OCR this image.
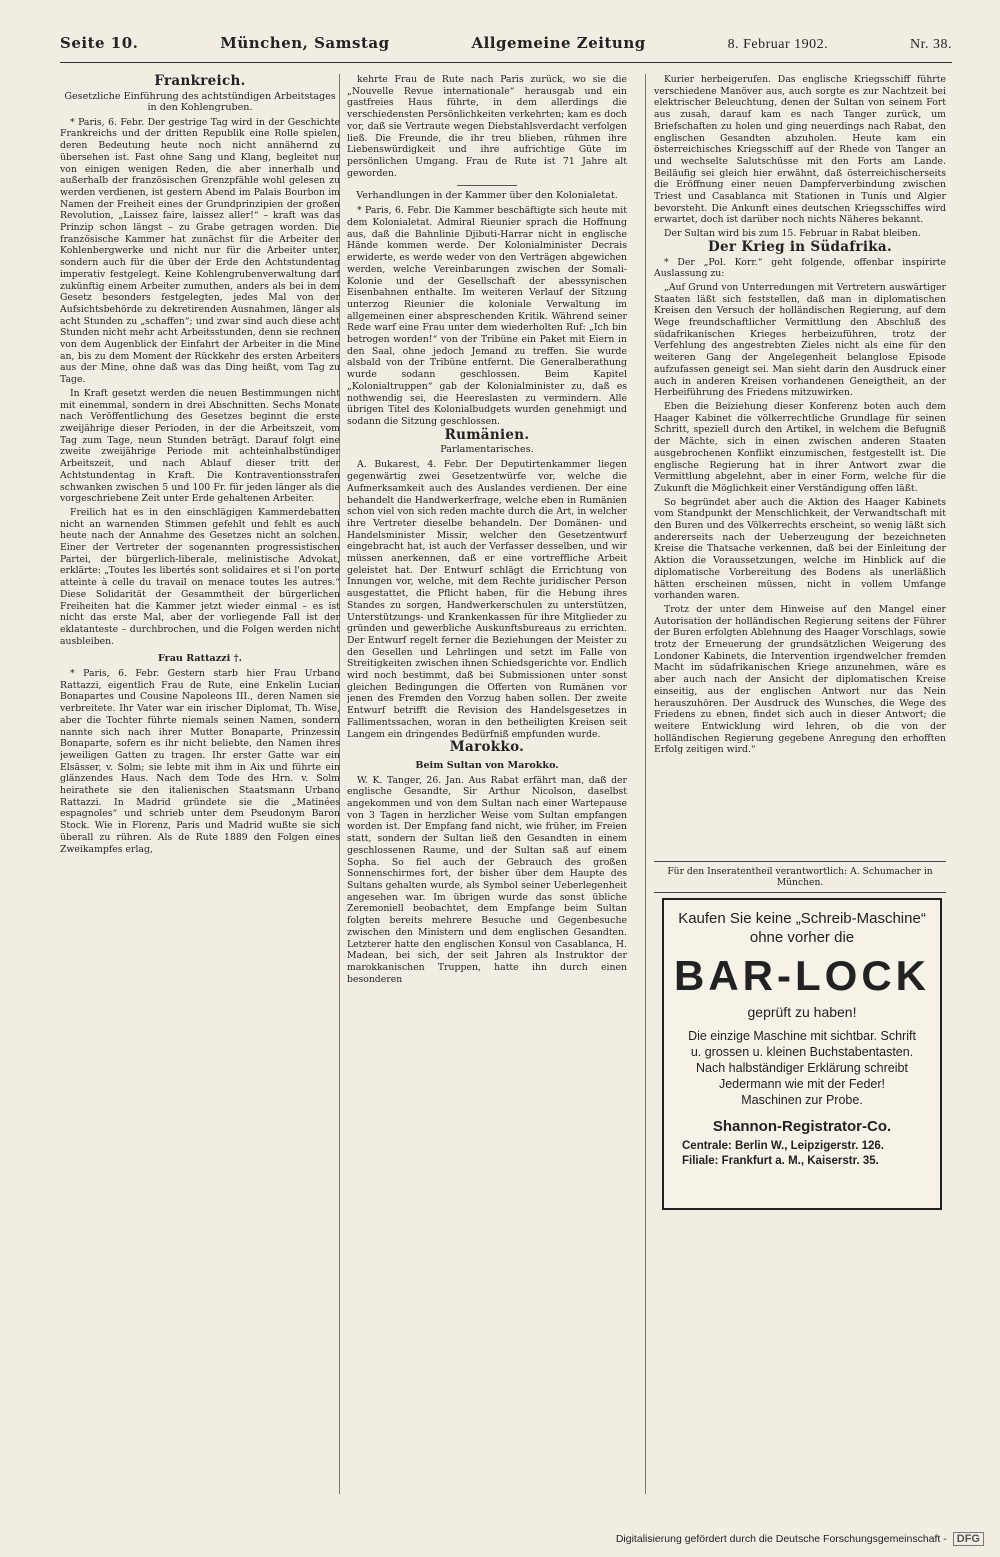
Seite 10.	München, Samstag	Allgemeine Zeitung	8. Februar 1902.	Nr. 38.
Frankreich.
Gesetzliche Einführung des achtstündigen Arbeitstages in den Kohlengruben.

* Paris, 6. Febr. Der gestrige Tag wird in der Geschichte Frankreichs und der dritten Republik eine Rolle spielen, deren Bedeutung heute noch nicht annähernd zu übersehen ist. Fast ohne Sang und Klang, begleitet nur von einigen wenigen Reden, die aber innerhalb und außerhalb der französischen Grenzpfähle wohl gelesen zu werden verdienen, ist gestern Abend im Palais Bourbon im Namen der Freiheit eines der Grundprinzipien der großen Revolution, „Laissez faire, laissez aller!“ – kraft was das Prinzip schon längst – zu Grabe getragen worden. Die französische Kammer hat zunächst für die Arbeiter der Kohlenbergwerke und nicht nur für die Arbeiter unter, sondern auch für die über der Erde den Achtstundentag imperativ festgelegt. Keine Kohlengrubenverwaltung darf zukünftig einem Arbeiter zumuthen, anders als bei in dem Gesetz besonders festgelegten, jedes Mal von der Aufsichtsbehörde zu dekretirenden Ausnahmen, länger als acht Stunden zu „schaffen“; und zwar sind auch diese acht Stunden nicht mehr acht Arbeitsstunden, denn sie rechnen von dem Augenblick der Einfahrt der Arbeiter in die Mine an, bis zu dem Moment der Rückkehr des ersten Arbeiters aus der Mine, ohne daß was das Ding heißt, vom Tag zu Tage.

In Kraft gesetzt werden die neuen Bestimmungen nicht mit einemmal, sondern in drei Abschnitten. Sechs Monate nach Veröffentlichung des Gesetzes beginnt die erste zweijährige dieser Perioden, in der die Arbeitszeit, vom Tag zum Tage, neun Stunden beträgt. Darauf folgt eine zweite zweijährige Periode mit achteinhalbstündiger Arbeitszeit, und nach Ablauf dieser tritt der Achtstundentag in Kraft. Die Kontraventionsstrafen schwanken zwischen 5 und 100 Fr. für jeden länger als die vorgeschriebene Zeit unter Erde gehaltenen Arbeiter.

Freilich hat es in den einschlägigen Kammerdebatten nicht an warnenden Stimmen gefehlt und fehlt es auch heute nach der Annahme des Gesetzes nicht an solchen. Einer der Vertreter der sogenannten progressistischen Partei, der bürgerlich-liberale, melinistische Advokat, erklärte: „Toutes les libertés sont solidaires et si l'on porte atteinte à celle du travail on menace toutes les autres.“ Diese Solidarität der Gesammtheit der bürgerlichen Freiheiten hat die Kammer jetzt wieder einmal – es ist nicht das erste Mal, aber der vorliegende Fall ist der eklatanteste – durchbrochen, und die Folgen werden nicht ausbleiben.

Frau Rattazzi †.

* Paris, 6. Febr. Gestern starb hier Frau Urbano Rattazzi, eigentlich Frau de Rute, eine Enkelin Lucian Bonapartes und Cousine Napoleons III., deren Namen sie verbreitete. Ihr Vater war ein irischer Diplomat, Th. Wise, aber die Tochter führte niemals seinen Namen, sondern nannte sich nach ihrer Mutter Bonaparte, Prinzessin Bonaparte, sofern es ihr nicht beliebte, den Namen ihres jeweiligen Gatten zu tragen. Ihr erster Gatte war ein Elsässer, v. Solm; sie lebte mit ihm in Aix und führte ein glänzendes Haus. Nach dem Tode des Hrn. v. Solm heirathete sie den italienischen Staatsmann Urbano Rattazzi. In Madrid gründete sie die „Matinées espagnoles“ und schrieb unter dem Pseudonym Baron Stock. Wie in Florenz, Paris und Madrid wußte sie sich überall zu rühren. Als de Rute 1889 den Folgen eines Zweikampfes erlag,

kehrte Frau de Rute nach Paris zurück, wo sie die „Nouvelle Revue internationale“ herausgab und ein gastfreies Haus führte, in dem allerdings die verschiedensten Persönlichkeiten verkehrten; kam es doch vor, daß sie Vertraute wegen Diebstahlsverdacht verfolgen ließ. Die Freunde, die ihr treu blieben, rühmen ihre Liebenswürdigkeit und ihre aufrichtige Güte im persönlichen Umgang. Frau de Rute ist 71 Jahre alt geworden.

Verhandlungen in der Kammer über den Kolonialetat.

* Paris, 6. Febr. Die Kammer beschäftigte sich heute mit dem Kolonialetat. Admiral Rieunier sprach die Hoffnung aus, daß die Bahnlinie Djibuti-Harrar nicht in englische Hände kommen werde. Der Kolonialminister Decrais erwiderte, es werde weder von den Verträgen abgewichen werden, welche Vereinbarungen zwischen der Somali-Kolonie und der Gesellschaft der abessynischen Eisenbahnen enthalte. Im weiteren Verlauf der Sitzung unterzog Rieunier die koloniale Verwaltung im allgemeinen einer abspreschenden Kritik. Während seiner Rede warf eine Frau unter dem wiederholten Ruf: „Ich bin betrogen worden!“ von der Tribüne ein Paket mit Eiern in den Saal, ohne jedoch Jemand zu treffen. Sie wurde alsbald von der Tribüne entfernt. Die Generalberathung wurde sodann geschlossen. Beim Kapitel „Kolonialtruppen“ gab der Kolonialminister zu, daß es nothwendig sei, die Heereslasten zu vermindern. Alle übrigen Titel des Kolonialbudgets wurden genehmigt und sodann die Sitzung geschlossen.

Rumänien.
Parlamentarisches.

A. Bukarest, 4. Febr. Der Deputirtenkammer liegen gegenwärtig zwei Gesetzentwürfe vor, welche die Aufmerksamkeit auch des Auslandes verdienen. Der eine behandelt die Handwerkerfrage, welche eben in Rumänien schon viel von sich reden machte durch die Art, in welcher ihre Vertreter dieselbe behandeln. Der Domänen- und Handelsminister Missir, welcher den Gesetzentwurf eingebracht hat, ist auch der Verfasser desselben, und wir müssen anerkennen, daß er eine vortreffliche Arbeit geleistet hat. Der Entwurf schlägt die Errichtung von Innungen vor, welche, mit dem Rechte juridischer Person ausgestattet, die Pflicht haben, für die Hebung ihres Standes zu sorgen, Handwerkerschulen zu unterstützen, Unterstützungs- und Krankenkassen für ihre Mitglieder zu gründen und gewerbliche Auskunftsbureaus zu errichten. Der Entwurf regelt ferner die Beziehungen der Meister zu den Gesellen und Lehrlingen und setzt im Falle von Streitigkeiten zwischen ihnen Schiedsgerichte vor. Endlich wird noch bestimmt, daß bei Submissionen unter sonst gleichen Bedingungen die Offerten von Rumänen vor jenen des Fremden den Vorzug haben sollen. Der zweite Entwurf betrifft die Revision des Handelsgesetzes in Fallimentssachen, woran in den betheiligten Kreisen seit Langem ein dringendes Bedürfniß empfunden wurde.

Marokko.
Beim Sultan von Marokko.

W. K. Tanger, 26. Jan. Aus Rabat erfährt man, daß der englische Gesandte, Sir Arthur Nicolson, daselbst angekommen und von dem Sultan nach einer Wartepause von 3 Tagen in herzlicher Weise vom Sultan empfangen worden ist. Der Empfang fand nicht, wie früher, im Freien statt, sondern der Sultan ließ den Gesandten in einem geschlossenen Raume, und der Sultan saß auf einem Sopha. So fiel auch der Gebrauch des großen Sonnenschirmes fort, der bisher über dem Haupte des Sultans gehalten wurde, als Symbol seiner Ueberlegenheit angesehen war. Im übrigen wurde das sonst übliche Zeremoniell beobachtet, dem Empfange beim Sultan folgten bereits mehrere Besuche und Gegenbesuche zwischen den Ministern und dem englischen Gesandten. Letzterer hatte den englischen Konsul von Casablanca, H. Madean, bei sich, der seit Jahren als Instruktor der marokkanischen Truppen, hatte ihn durch einen besonderen

Kurier herbeigerufen. Das englische Kriegsschiff führte verschiedene Manöver aus, auch sorgte es zur Nachtzeit bei elektrischer Beleuchtung, denen der Sultan von seinem Fort aus zusah, darauf kam es nach Tanger zurück, um Briefschaften zu holen und ging neuerdings nach Rabat, den englischen Gesandten abzuholen. Heute kam ein österreichisches Kriegsschiff auf der Rhede von Tanger an und wechselte Salutschüsse mit den Forts am Lande. Beiläufig sei gleich hier erwähnt, daß österreichischerseits die Eröffnung einer neuen Dampferverbindung zwischen Triest und Casablanca mit Stationen in Tunis und Algier bevorsteht. Die Ankunft eines deutschen Kriegsschiffes wird erwartet, doch ist darüber noch nichts Näheres bekannt.

Der Sultan wird bis zum 15. Februar in Rabat bleiben.

Der Krieg in Südafrika.

* Der „Pol. Korr.“ geht folgende, offenbar inspirirte Auslassung zu:

„Auf Grund von Unterredungen mit Vertretern auswärtiger Staaten läßt sich feststellen, daß man in diplomatischen Kreisen den Versuch der holländischen Regierung, auf dem Wege freundschaftlicher Vermittlung den Abschluß des südafrikanischen Krieges herbeizuführen, trotz der Verfehlung des angestrebten Zieles nicht als eine für den weiteren Gang der Angelegenheit belanglose Episode aufzufassen geneigt sei. Man sieht darin den Ausdruck einer auch in anderen Kreisen vorhandenen Geneigtheit, an der Herbeiführung des Friedens mitzuwirken.

Eben die Beiziehung dieser Konferenz boten auch dem Haager Kabinet die völkerrechtliche Grundlage für seinen Schritt, speziell durch den Artikel, in welchem die Befugniß der Mächte, sich in einen zwischen anderen Staaten ausgebrochenen Konflikt einzumischen, festgestellt ist. Die englische Regierung hat in ihrer Antwort zwar die Vermittlung abgelehnt, aber in einer Form, welche für die Zukunft die Möglichkeit einer Verständigung offen läßt.

So begründet aber auch die Aktion des Haager Kabinets vom Standpunkt der Menschlichkeit, der Verwandtschaft mit den Buren und des Völkerrechts erscheint, so wenig läßt sich andererseits nach der Ueberzeugung der bezeichneten Kreise die Thatsache verkennen, daß bei der Einleitung der Aktion die Voraussetzungen, welche im Hinblick auf die diplomatische Vorbereitung des Bodens als unerläßlich hätten erscheinen müssen, nicht in vollem Umfange vorhanden waren.

Trotz der unter dem Hinweise auf den Mangel einer Autorisation der holländischen Regierung seitens der Führer der Buren erfolgten Ablehnung des Haager Vorschlags, sowie trotz der Erneuerung der grundsätzlichen Weigerung des Londoner Kabinets, die Intervention irgendwelcher fremden Macht im südafrikanischen Kriege anzunehmen, wäre es aber auch nach der Ansicht der diplomatischen Kreise einseitig, aus der englischen Antwort nur das Nein herauszuhören. Der Ausdruck des Wunsches, die Wege des Friedens zu ebnen, findet sich auch in dieser Antwort; die weitere Entwicklung wird lehren, ob die von der holländischen Regierung gegebene Anregung den erhofften Erfolg zeitigen wird.“

Für den Inseratentheil verantwortlich: A. Schumacher in München.
Kaufen Sie keine „Schreib-Maschine“
ohne vorher die
BAR-LOCK
geprüft zu haben!

Die einzige Maschine mit sichtbar. Schrift

u. grossen u. kleinen Buchstabentasten.

Nach halbständiger Erklärung schreibt

Jedermann wie mit der Feder!

Maschinen zur Probe.

Shannon-Registrator-Co.

Centrale: Berlin W., Leipzigerstr. 126.

Filiale: Frankfurt a. M., Kaiserstr. 35.

Digitalisierung gefördert durch die Deutsche Forschungsgemeinschaft - DFG
